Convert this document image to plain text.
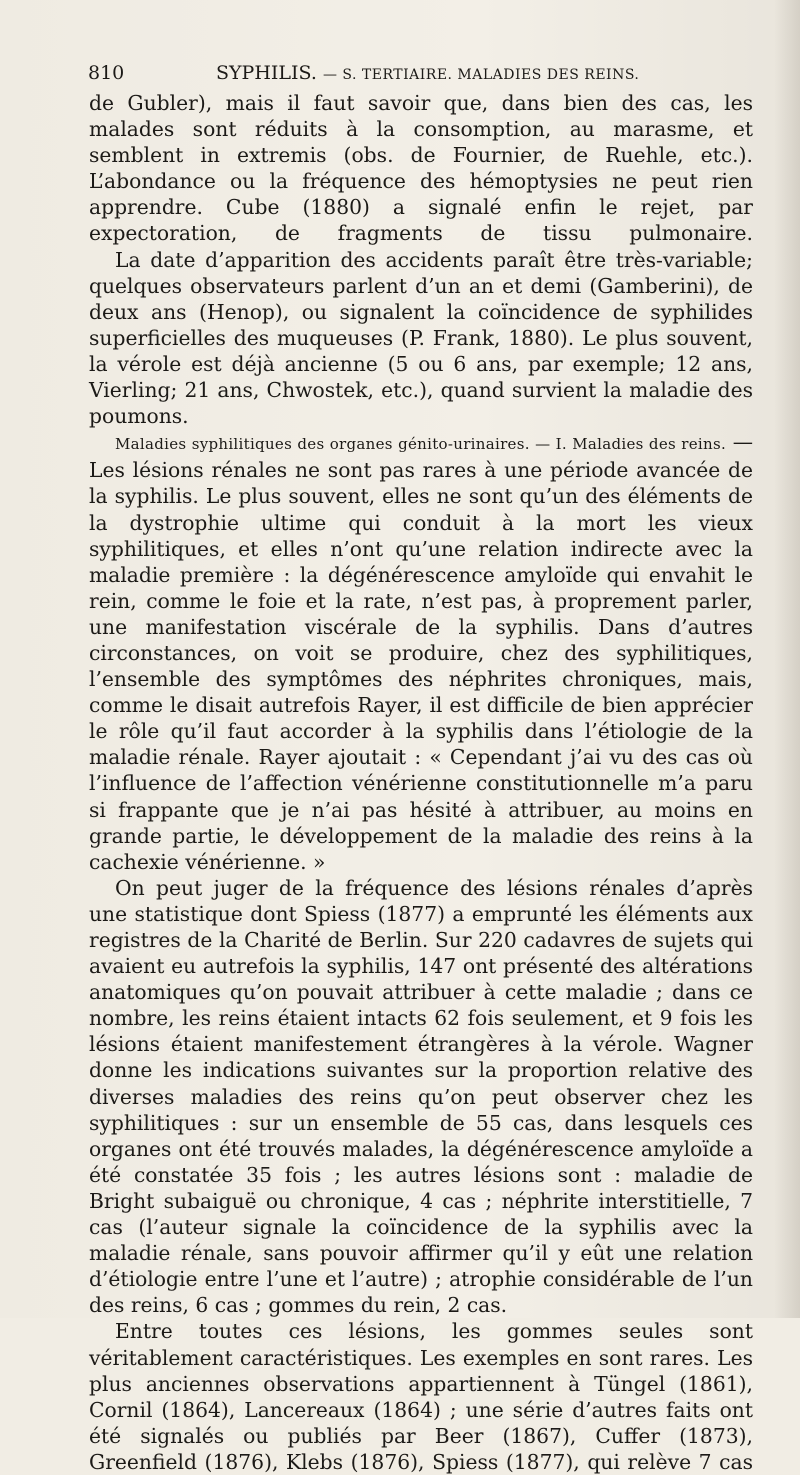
810	SYPHILIS. — S. TERTIAIRE. MALADIES DES REINS.

de Gubler), mais il faut savoir que, dans bien des cas, les malades sont réduits à la consomption, au marasme, et semblent in extremis (obs. de Fournier, de Ruehle, etc.). L’abondance ou la fréquence des hémoptysies ne peut rien apprendre. Cube (1880) a signalé enfin le rejet, par expectoration, de fragments de tissu pulmonaire.

La date d’apparition des accidents paraît être très-variable; quelques observateurs parlent d’un an et demi (Gamberini), de deux ans (Henop), ou signalent la coïncidence de syphilides superficielles des muqueuses (P. Frank, 1880). Le plus souvent, la vérole est déjà ancienne (5 ou 6 ans, par exemple; 12 ans, Vierling; 21 ans, Chwostek, etc.), quand survient la maladie des poumons.

Maladies syphilitiques des organes génito-urinaires. — I. Maladies des reins. — Les lésions rénales ne sont pas rares à une période avancée de la syphilis. Le plus souvent, elles ne sont qu’un des éléments de la dystrophie ultime qui conduit à la mort les vieux syphilitiques, et elles n’ont qu’une relation indirecte avec la maladie première : la dégénérescence amyloïde qui envahit le rein, comme le foie et la rate, n’est pas, à proprement parler, une manifestation viscérale de la syphilis. Dans d’autres circonstances, on voit se produire, chez des syphilitiques, l’ensemble des symptômes des néphrites chroniques, mais, comme le disait autrefois Rayer, il est difficile de bien apprécier le rôle qu’il faut accorder à la syphilis dans l’étiologie de la maladie rénale. Rayer ajoutait : « Cependant j’ai vu des cas où l’influence de l’affection vénérienne constitutionnelle m’a paru si frappante que je n’ai pas hésité à attribuer, au moins en grande partie, le développement de la maladie des reins à la cachexie vénérienne. »

On peut juger de la fréquence des lésions rénales d’après une statistique dont Spiess (1877) a emprunté les éléments aux registres de la Charité de Berlin. Sur 220 cadavres de sujets qui avaient eu autrefois la syphilis, 147 ont présenté des altérations anatomiques qu’on pouvait attribuer à cette maladie ; dans ce nombre, les reins étaient intacts 62 fois seulement, et 9 fois les lésions étaient manifestement étrangères à la vérole. Wagner donne les indications suivantes sur la proportion relative des diverses maladies des reins qu’on peut observer chez les syphilitiques : sur un ensemble de 55 cas, dans lesquels ces organes ont été trouvés malades, la dégénérescence amyloïde a été constatée 35 fois ; les autres lésions sont : maladie de Bright subaiguë ou chronique, 4 cas ; néphrite interstitielle, 7 cas (l’auteur signale la coïncidence de la syphilis avec la maladie rénale, sans pouvoir affirmer qu’il y eût une relation d’étiologie entre l’une et l’autre) ; atrophie considérable de l’un des reins, 6 cas ; gommes du rein, 2 cas.

Entre toutes ces lésions, les gommes seules sont véritablement caractéristiques. Les exemples en sont rares. Les plus anciennes observations appartiennent à Tüngel (1861), Cornil (1864), Lancereaux (1864) ; une série d’autres faits ont été signalés ou publiés par Beer (1867), Cuffer (1873), Greenfield (1876), Klebs (1876), Spiess (1877), qui relève 7 cas
